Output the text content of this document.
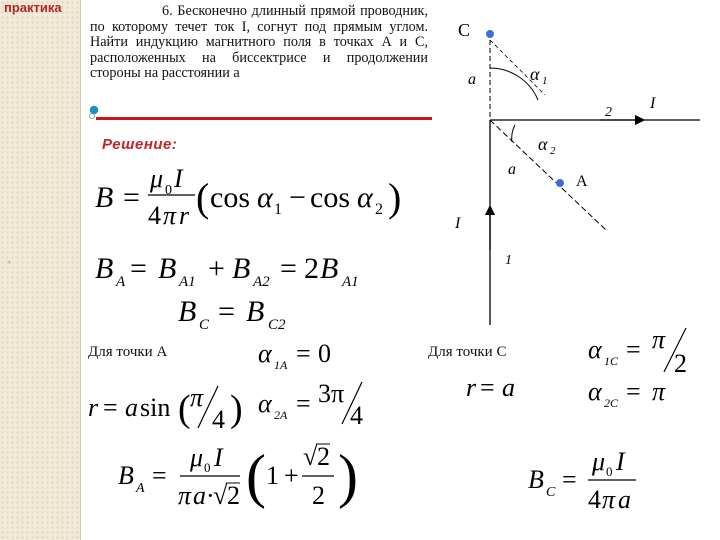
практика	6. Бесконечно длинный прямой проводник, по которому течет ток I, согнут под прямым углом. Найти индукцию магнитного поля в точках А и С, расположенных на биссектрисе и продолжении стороны на расстоянии a
Решение:
,
Для точки А	Для точки С
C
A
a
a
α 1
α 2
2
1
I
I
B =
μ 0 I
4 π r ( cos α 1 − cos α 2 )
B A = B A1 + B A2 = 2 B A1
B C = B C2
α 1A = 0
r = a sin ( π
4 ) α 2A = 3π
4
B A =
μ 0 I
π a ·
√ 2 ( 1 +
√ 2
2 )
α 1C = π
2
r = a	α 2C = π
B C =
μ 0 I
4 π a
